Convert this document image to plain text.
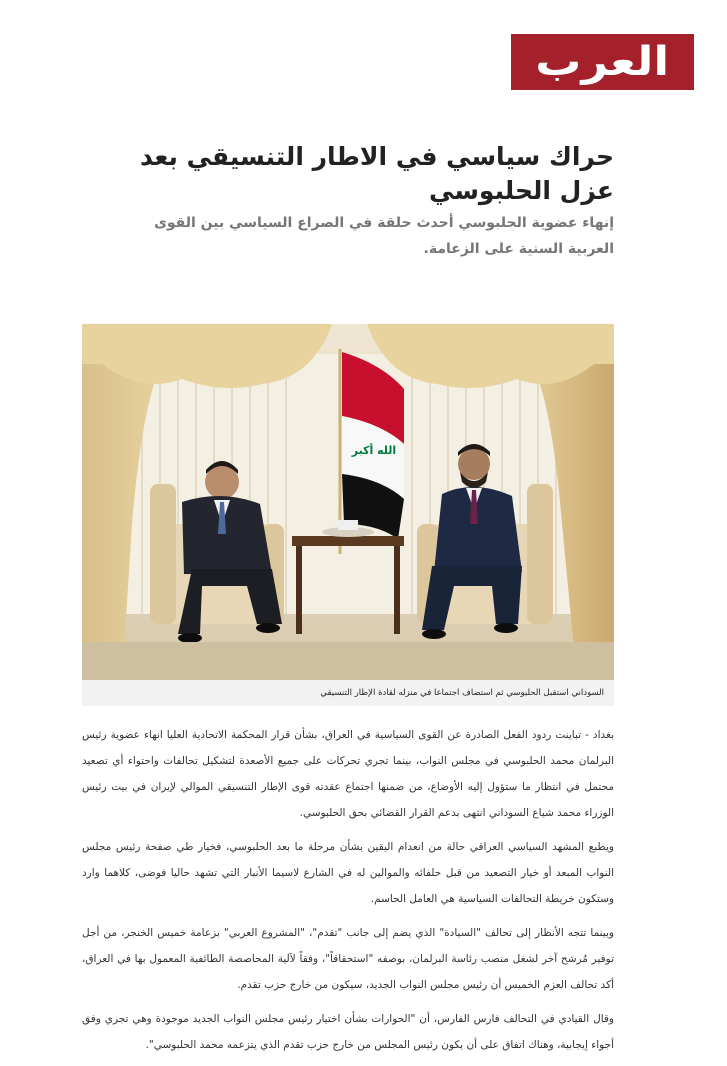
العرب
حراك سياسي في الاطار التنسيقي بعد عزل الحلبوسي
إنهاء عضوية الحلبوسي أحدث حلقة في الصراع السياسي بين القوى العربية السنية على الزعامة.
الله أكبر
السوداني استقبل الحلبوسي ثم استضاف اجتماعا في منزله لقادة الإطار التنسيقي

بغداد - تباينت ردود الفعل الصادرة عن القوى السياسية في العراق، بشأن قرار المحكمة الاتحادية العليا انهاء عضوية رئيس البرلمان محمد الحلبوسي في مجلس النواب، بينما تجري تحركات على جميع الأصعدة لتشكيل تحالفات واحتواء أي تصعيد محتمل في انتظار ما ستؤول إليه الأوضاع، من ضمنها اجتماع عقدته قوى الإطار التنسيقي الموالي لإيران في بيت رئيس الوزراء محمد شياع السوداني انتهى بدعم القرار القضائي بحق الحلبوسي.

ويطبع المشهد السياسي العراقي حالة من انعدام اليقين بشأن مرحلة ما بعد الحلبوسي، فخيار طي صفحة رئيس مجلس النواب المبعد أو خيار التصعيد من قبل حلفائه والموالين له في الشارع لاسيما الأنبار التي تشهد حاليا فوضى، كلاهما وارد وستكون خريطة التحالفات السياسية هي العامل الحاسم.

وبينما تتجه الأنظار إلى تحالف "السيادة" الذي يضم إلى جانب "تقدم"، "المشروع العربي" بزعامة خميس الخنجر، من أجل توفير مُرشح آخر لشغل منصب رئاسة البرلمان، بوصفه "استحقاقاً"، وفقاً لآلية المحاصصة الطائفية المعمول بها في العراق، أكد تحالف العزم الخميس أن رئيس مجلس النواب الجديد، سيكون من خارج حزب تقدم.

وقال القيادي في التحالف فارس الفارس، أن "الحوارات بشأن اختيار رئيس مجلس النواب الجديد موجودة وهي تجري وفق أجواء إيجابية، وهناك اتفاق على أن يكون رئيس المجلس من خارج حزب تقدم الذي يتزعمه محمد الحلبوسي".
